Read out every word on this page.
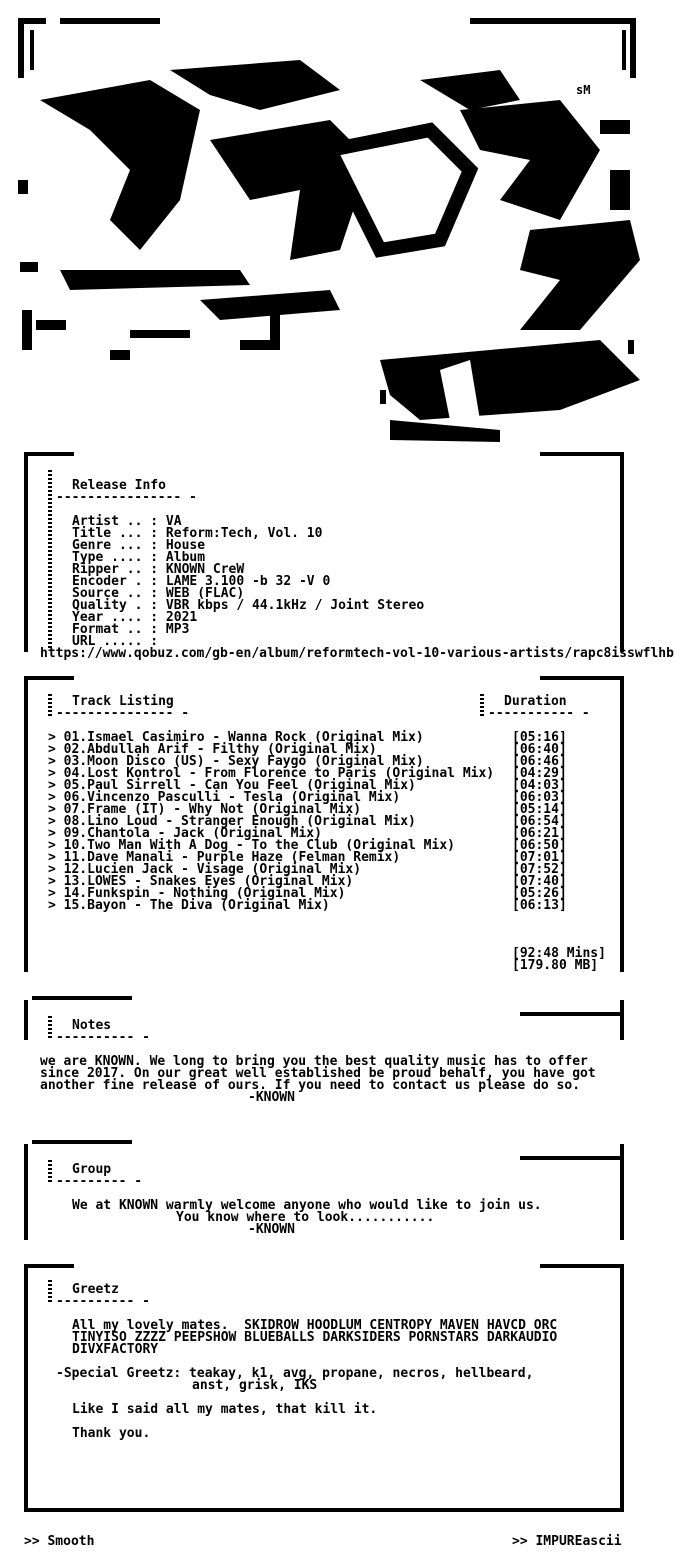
sM
Release Info
---------------- -
Artist .. : VA
Title ... : Reform:Tech, Vol. 10
Genre ... : House
Type .... : Album
Ripper .. : KNOWN CreW
Encoder . : LAME 3.100 -b 32 -V 0
Source .. : WEB (FLAC)
Quality . : VBR kbps / 44.1kHz / Joint Stereo
Year .... : 2021
Format .. : MP3
URL ..... :
https://www.qobuz.com/gb-en/album/reformtech-vol-10-various-artists/rapc8isswflhb
Track Listing
--------------- -
Duration
----------- -
> 01.Ismael Casimiro - Wanna Rock (Original Mix)	[05:16]
> 02.Abdullah Arif - Filthy (Original Mix)	[06:40]
> 03.Moon Disco (US) - Sexy Faygo (Original Mix)	[06:46]
> 04.Lost Kontrol - From Florence to Paris (Original Mix) [04:29]
> 05.Paul Sirrell - Can You Feel (Original Mix)	[04:03]
> 06.Vincenzo Pasculli - Tesla (Original Mix)	[06:03]
> 07.Frame (IT) - Why Not (Original Mix)	[05:14]
> 08.Lino Loud - Stranger Enough (Original Mix)	[06:54]
> 09.Chantola - Jack (Original Mix)	[06:21]
> 10.Two Man With A Dog - To the Club (Original Mix)	[06:50]
> 11.Dave Manali - Purple Haze (Felman Remix)	[07:01]
> 12.Lucien Jack - Visage (Original Mix)	[07:52]
> 13.LOWES - Snakes Eyes (Original Mix)	[07:40]
> 14.Funkspin - Nothing (Original Mix)	[05:26]
> 15.Bayon - The Diva (Original Mix)	[06:13]
[92:48 Mins]
[179.80 MB]
Notes
---------- -
we are KNOWN. We long to bring you the best quality music has to offer
since 2017. On our great well established be proud behalf, you have got
another fine release of ours. If you need to contact us please do so.
-KNOWN
Group
--------- -
We at KNOWN warmly welcome anyone who would like to join us.
You know where to look...........
-KNOWN
Greetz
---------- -
All my lovely mates.  SKIDROW HOODLUM CENTROPY MAVEN HAVCD ORC
TINYISO ZZZZ PEEPSHOW BLUEBALLS DARKSIDERS PORNSTARS DARKAUDIO
DIVXFACTORY
-Special Greetz: teakay, k1, avg, propane, necros, hellbeard,
anst, grisk, IKS
Like I said all my mates, that kill it.
Thank you.
>> Smooth	>> IMPUREascii
